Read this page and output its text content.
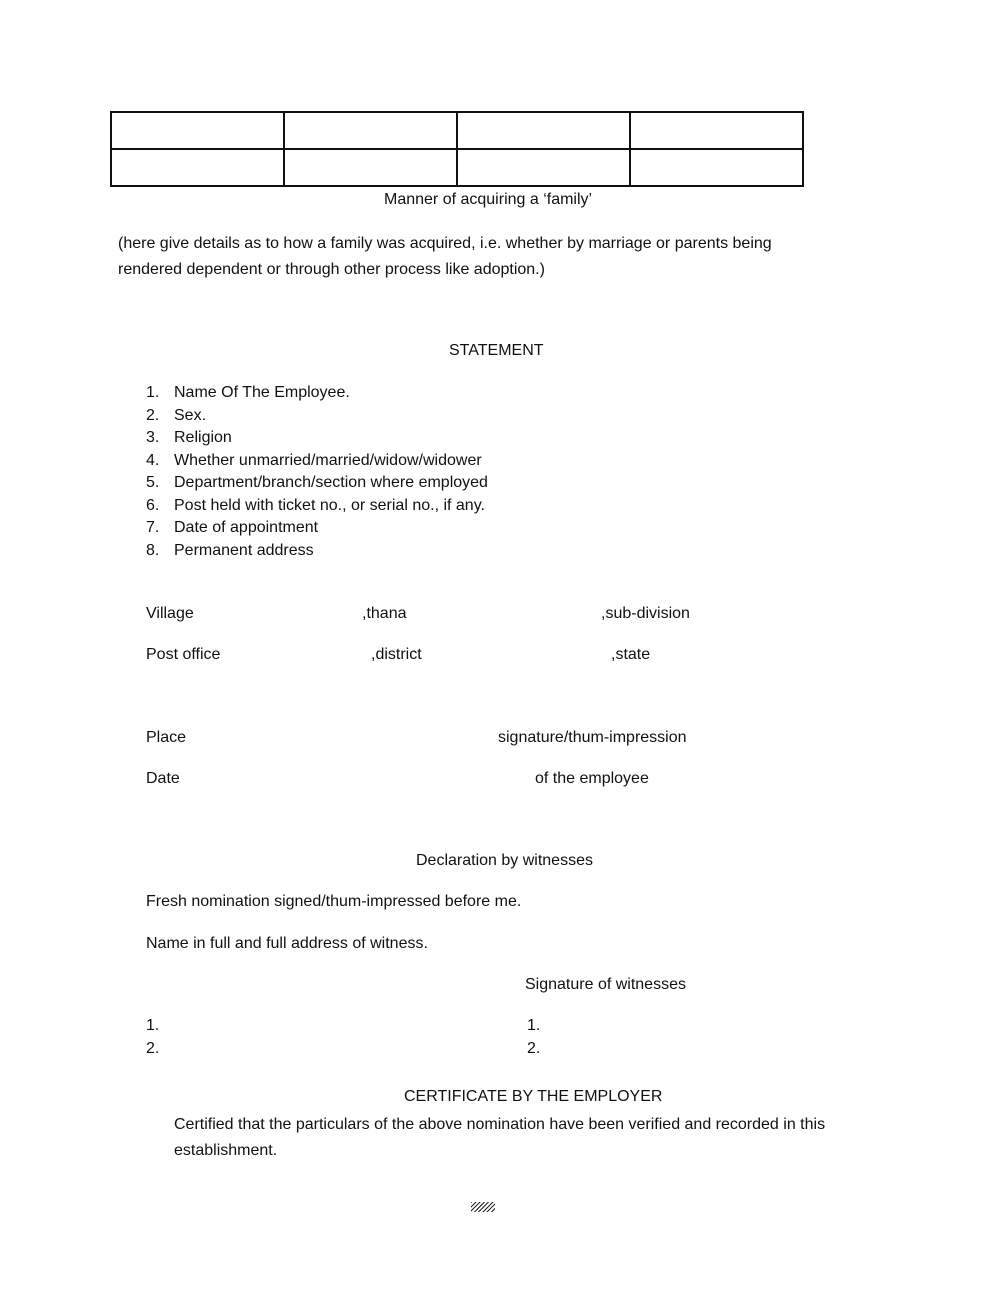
Manner of acquiring a ‘family’
(here give details as to how a family was acquired, i.e. whether by marriage or parents being rendered dependent or through other process like adoption.)
STATEMENT
1. Name Of The Employee.
2. Sex.
3. Religion
4. Whether unmarried/married/widow/widower
5. Department/branch/section where employed
6. Post held with ticket no., or serial no., if any.
7. Date of appointment
8. Permanent address
Village	,thana	,sub-division
Post office	,district	,state
Place	signature/thum-impression
Date	of the employee
Declaration by witnesses
Fresh nomination signed/thum-impressed before me.
Name in full and full address of witness.
Signature of witnesses
1.
2.
1.
2.
CERTIFICATE BY THE EMPLOYER
Certified that the particulars of the above nomination have been verified and recorded in this establishment.
